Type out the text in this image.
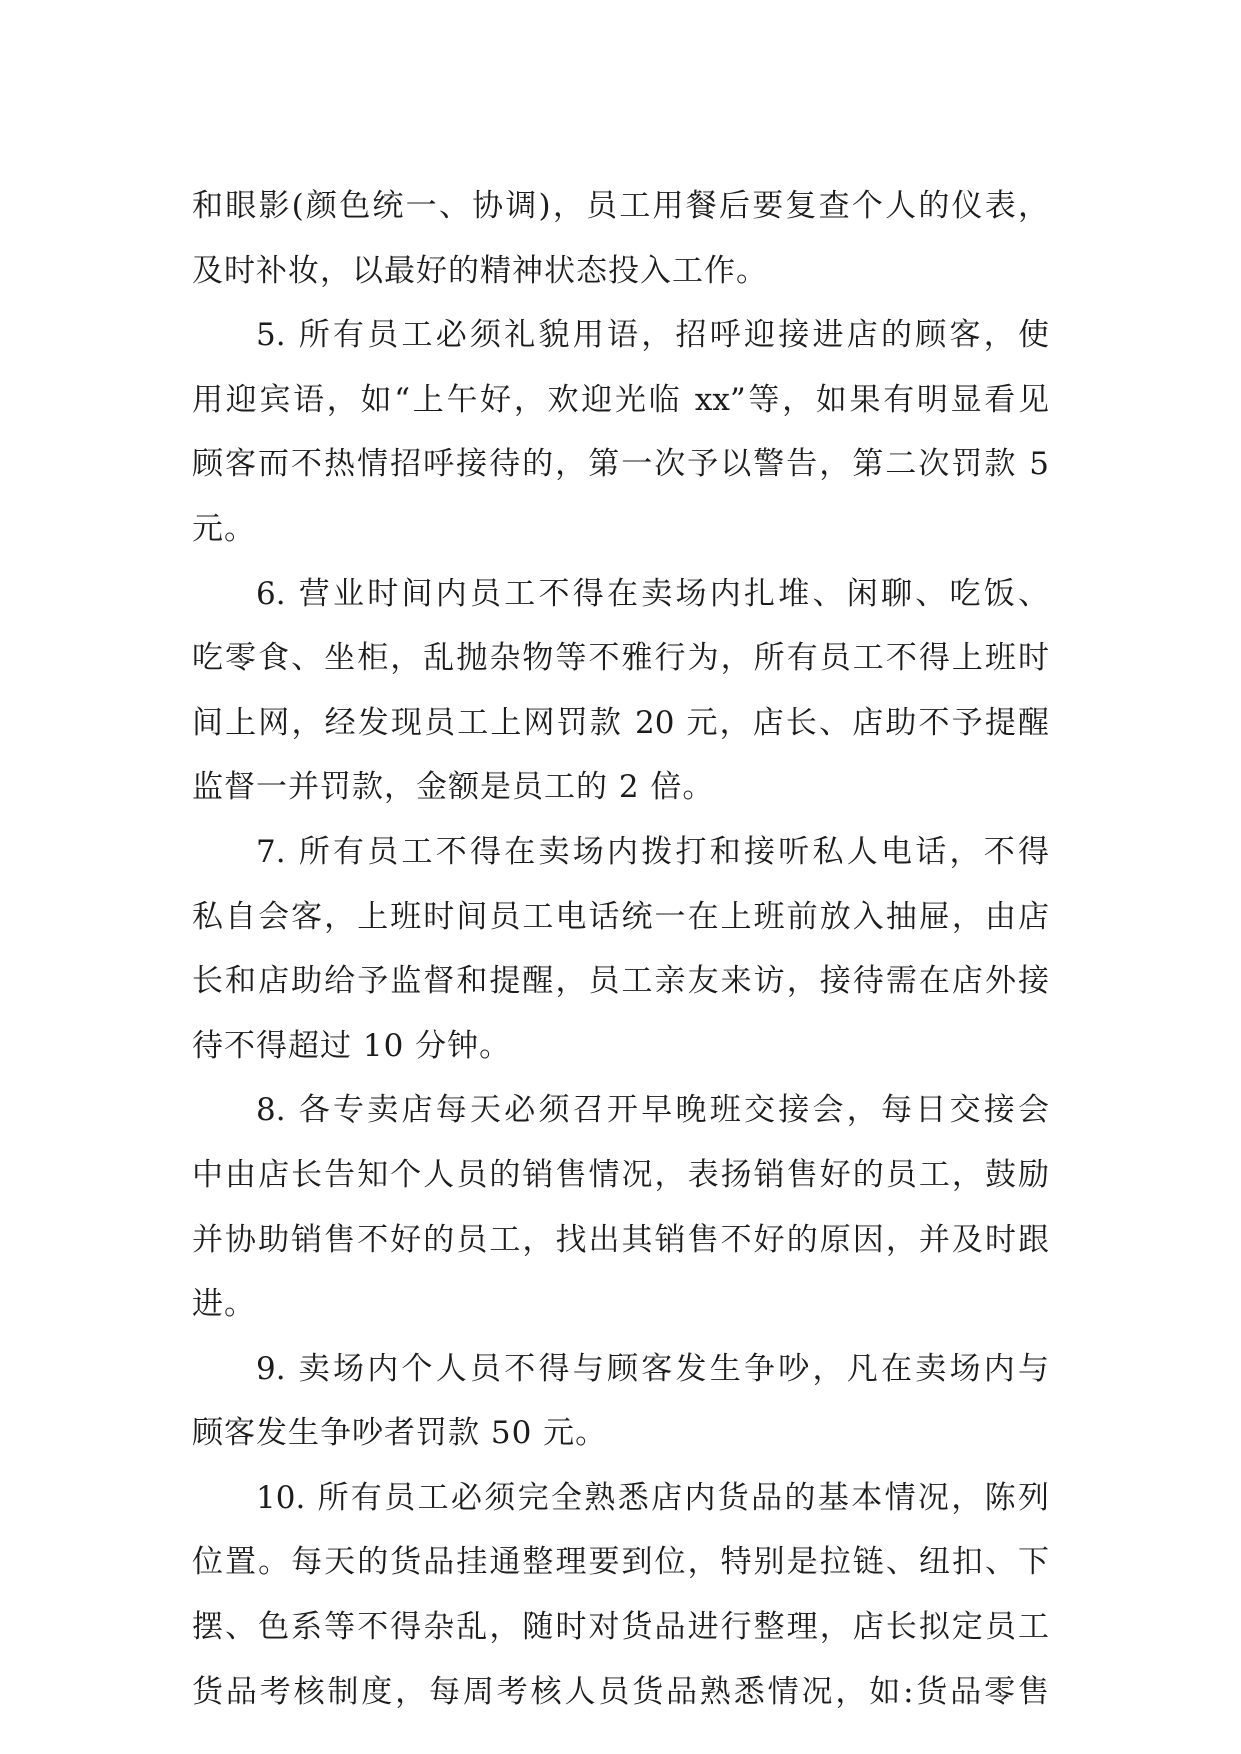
和眼影(颜色统一、协调)，员工用餐后要复查个人的仪表，
及时补妆，以最好的精神状态投入工作。
5. 所有员工必须礼貌用语，招呼迎接进店的顾客，使
用迎宾语，如“上午好，欢迎光临 xx”等，如果有明显看见
顾客而不热情招呼接待的，第一次予以警告，第二次罚款 5
元。
6. 营业时间内员工不得在卖场内扎堆、闲聊、吃饭、
吃零食、坐柜，乱抛杂物等不雅行为，所有员工不得上班时
间上网，经发现员工上网罚款 20 元，店长、店助不予提醒
监督一并罚款，金额是员工的 2 倍。
7. 所有员工不得在卖场内拨打和接听私人电话，不得
私自会客，上班时间员工电话统一在上班前放入抽屉，由店
长和店助给予监督和提醒，员工亲友来访，接待需在店外接
待不得超过 10 分钟。
8. 各专卖店每天必须召开早晚班交接会，每日交接会
中由店长告知个人员的销售情况，表扬销售好的员工，鼓励
并协助销售不好的员工，找出其销售不好的原因，并及时跟
进。
9. 卖场内个人员不得与顾客发生争吵，凡在卖场内与
顾客发生争吵者罚款 50 元。
10. 所有员工必须完全熟悉店内货品的基本情况，陈列
位置。每天的货品挂通整理要到位，特别是拉链、纽扣、下
摆、色系等不得杂乱，随时对货品进行整理，店长拟定员工
货品考核制度，每周考核人员货品熟悉情况，如:货品零售
